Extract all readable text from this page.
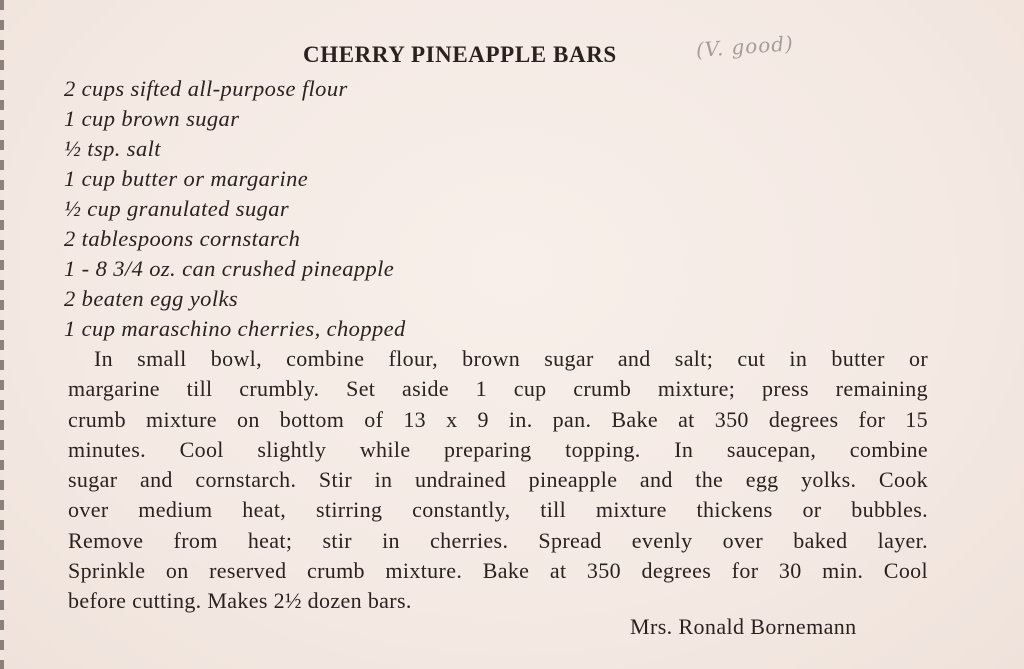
CHERRY PINEAPPLE BARS	(V. good)
2 cups sifted all-purpose flour
1 cup brown sugar
½ tsp. salt
1 cup butter or margarine
½ cup granulated sugar
2 tablespoons cornstarch
1 - 8 3/4 oz. can crushed pineapple
2 beaten egg yolks
1 cup maraschino cherries, chopped
In small bowl, combine flour, brown sugar and salt; cut in butter or
margarine till crumbly. Set aside 1 cup crumb mixture; press remaining
crumb mixture on bottom of 13 x 9 in. pan. Bake at 350 degrees for 15
minutes. Cool slightly while preparing topping. In saucepan, combine
sugar and cornstarch. Stir in undrained pineapple and the egg yolks. Cook
over medium heat, stirring constantly, till mixture thickens or bubbles.
Remove from heat; stir in cherries. Spread evenly over baked layer.
Sprinkle on reserved crumb mixture. Bake at 350 degrees for 30 min. Cool
before cutting. Makes 2½ dozen bars.
Mrs. Ronald Bornemann
